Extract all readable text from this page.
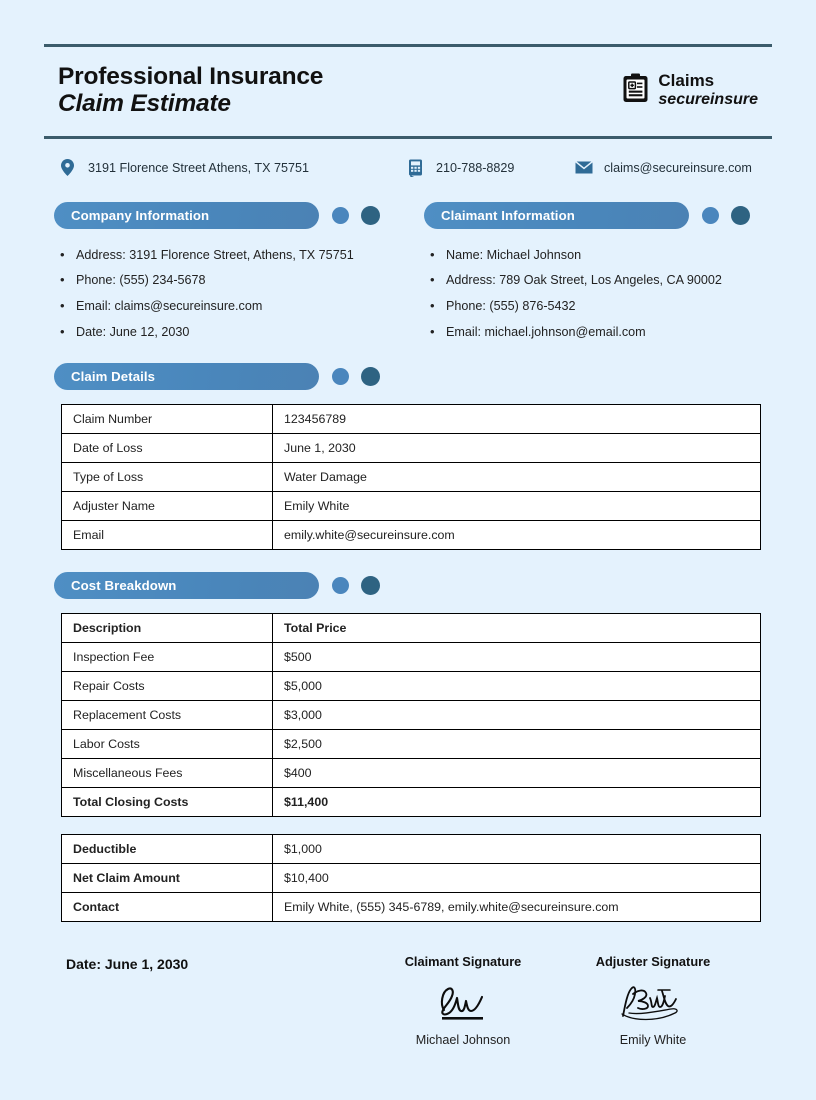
Professional Insurance
Claim Estimate
Claims
secureinsure
3191 Florence Street Athens, TX 75751	210-788-8829	claims@secureinsure.com
Company Information
• Address: 3191 Florence Street, Athens, TX 75751
• Phone: (555) 234-5678
• Email: claims@secureinsure.com
• Date: June 12, 2030
Claimant Information
• Name: Michael Johnson
• Address: 789 Oak Street, Los Angeles, CA 90002
• Phone: (555) 876-5432
• Email: michael.johnson@email.com
Claim Details
Claim Number	123456789
Date of Loss	June 1, 2030
Type of Loss	Water Damage
Adjuster Name	Emily White
Email	emily.white@secureinsure.com
Cost Breakdown
Description	Total Price
Inspection Fee	$500
Repair Costs	$5,000
Replacement Costs	$3,000
Labor Costs	$2,500
Miscellaneous Fees	$400
Total Closing Costs	$11,400
Deductible	$1,000
Net Claim Amount	$10,400
Contact	Emily White, (555) 345-6789, emily.white@secureinsure.com
Date: June 1, 2030	Claimant Signature
Michael Johnson
Adjuster Signature
Emily White
